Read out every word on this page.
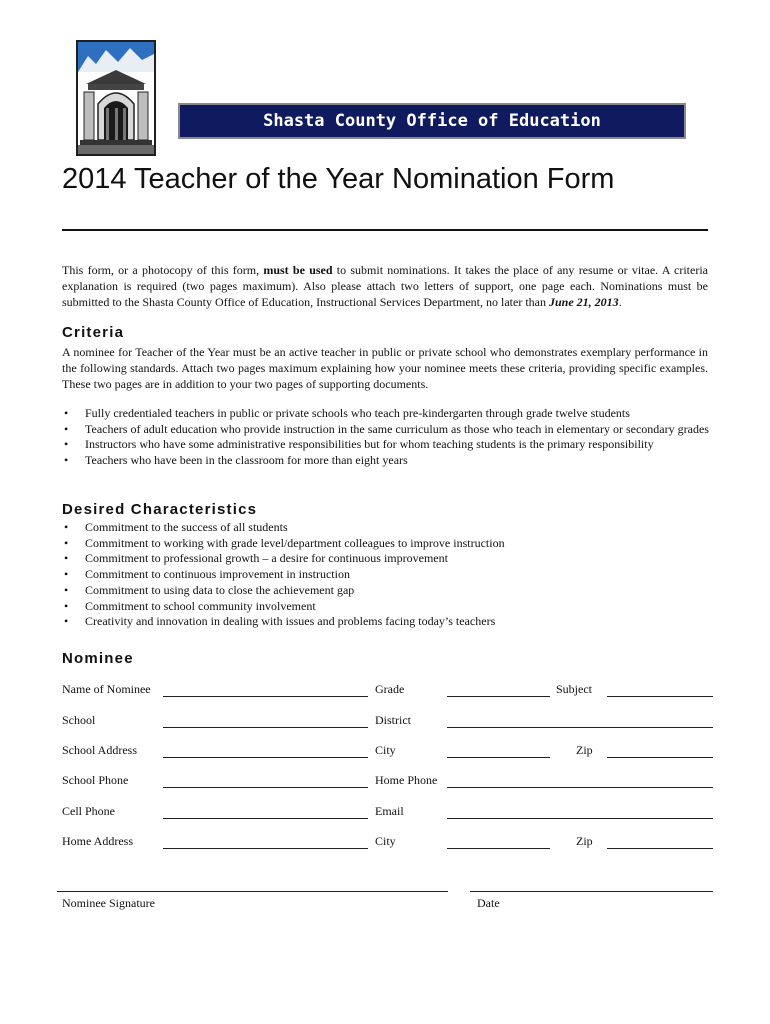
Shasta County Office of Education
2014 Teacher of the Year Nomination Form
This form, or a photocopy of this form, must be used to submit nominations. It takes the place of any resume or vitae. A criteria explanation is required (two pages maximum). Also please attach two letters of support, one page each. Nominations must be submitted to the Shasta County Office of Education, Instructional Services Department, no later than June 21, 2013.
Criteria
A nominee for Teacher of the Year must be an active teacher in public or private school who demonstrates exemplary performance in the following standards. Attach two pages maximum explaining how your nominee meets these criteria, providing specific examples. These two pages are in addition to your two pages of supporting documents.
• Fully credentialed teachers in public or private schools who teach pre-kindergarten through grade twelve students
• Teachers of adult education who provide instruction in the same curriculum as those who teach in elementary or secondary grades
• Instructors who have some administrative responsibilities but for whom teaching students is the primary responsibility
• Teachers who have been in the classroom for more than eight years
Desired Characteristics
• Commitment to the success of all students
• Commitment to working with grade level/department colleagues to improve instruction
• Commitment to professional growth – a desire for continuous improvement
• Commitment to continuous improvement in instruction
• Commitment to using data to close the achievement gap
• Commitment to school community involvement
• Creativity and innovation in dealing with issues and problems facing today’s teachers
Nominee
Name of Nominee	Grade	Subject
School	District
School Address	City	Zip
School Phone	Home Phone
Cell Phone	Email
Home Address	City	Zip
Nominee Signature	Date
